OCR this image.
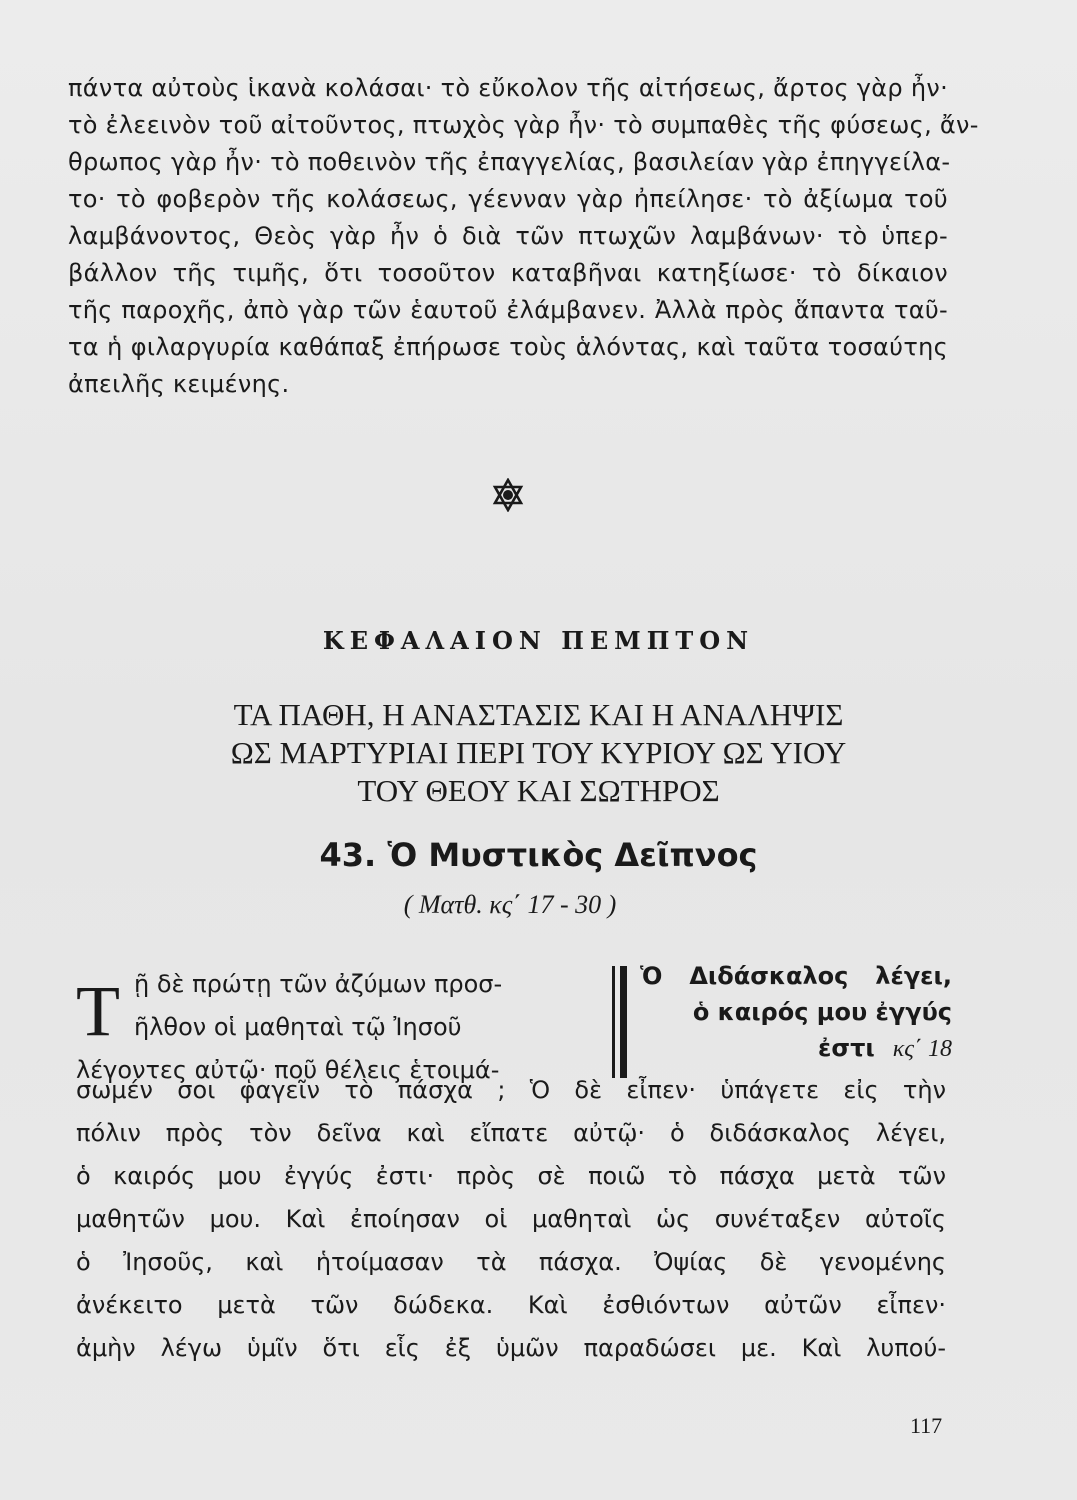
πάντα αὐτοὺς ἱκανὰ κολάσαι· τὸ εὔκολον τῆς αἰτήσεως, ἄρτος γὰρ ἦν·
τὸ ἐλεεινὸν τοῦ αἰτοῦντος, πτωχὸς γὰρ ἦν· τὸ συμπαθὲς τῆς φύσεως, ἄν-
θρωπος γὰρ ἦν· τὸ ποθεινὸν τῆς ἐπαγγελίας, βασιλείαν γὰρ ἐπηγγείλα-
το· τὸ φοβερὸν τῆς κολάσεως, γέενναν γὰρ ἠπείλησε· τὸ ἀξίωμα τοῦ
λαμβάνοντος, Θεὸς γὰρ ἦν ὁ διὰ τῶν πτωχῶν λαμβάνων· τὸ ὑπερ-
βάλλον τῆς τιμῆς, ὅτι τοσοῦτον καταβῆναι κατηξίωσε· τὸ δίκαιον
τῆς παροχῆς, ἀπὸ γὰρ τῶν ἑαυτοῦ ἐλάμβανεν. Ἀλλὰ πρὸς ἅπαντα ταῦ-
τα ἡ φιλαργυρία καθάπαξ ἐπήρωσε τοὺς ἁλόντας, καὶ ταῦτα τοσαύτης
ἀπειλῆς κειμένης.
ΚΕΦΑΛΑΙΟΝ ΠΕΜΠΤΟΝ
ΤΑ ΠΑΘΗ, Η ΑΝΑΣΤΑΣΙΣ ΚΑΙ Η ΑΝΑΛΗΨΙΣ
ΩΣ ΜΑΡΤΥΡΙΑΙ ΠΕΡΙ ΤΟΥ ΚΥΡΙΟΥ ΩΣ ΥΙΟΥ
ΤΟΥ ΘΕΟΥ ΚΑΙ ΣΩΤΗΡΟΣ
43. Ὁ Μυστικὸς Δεῖπνος
( Ματθ. κς΄ 17 - 30 )
Τ ῇ δὲ πρώτῃ τῶν ἀζύμων προσ-
ῆλθον οἱ μαθηταὶ τῷ Ἰησοῦ
λέγοντες αὐτῷ· ποῦ θέλεις ἑτοιμά-
Ὁ Διδάσκαλος λέγει,
ὁ καιρός μου ἐγγύς
ἐστι κς΄ 18
σωμέν σοι φαγεῖν τὸ πάσχα ; Ὁ δὲ εἶπεν· ὑπάγετε εἰς τὴν
πόλιν πρὸς τὸν δεῖνα καὶ εἴπατε αὐτῷ· ὁ διδάσκαλος λέγει,
ὁ καιρός μου ἐγγύς ἐστι· πρὸς σὲ ποιῶ τὸ πάσχα μετὰ τῶν
μαθητῶν μου. Καὶ ἐποίησαν οἱ μαθηταὶ ὡς συνέταξεν αὐτοῖς
ὁ Ἰησοῦς, καὶ ἡτοίμασαν τὰ πάσχα. Ὀψίας δὲ γενομένης
ἀνέκειτο μετὰ τῶν δώδεκα. Καὶ ἐσθιόντων αὐτῶν εἶπεν·
ἀμὴν λέγω ὑμῖν ὅτι εἷς ἐξ ὑμῶν παραδώσει με. Καὶ λυπού-
117
